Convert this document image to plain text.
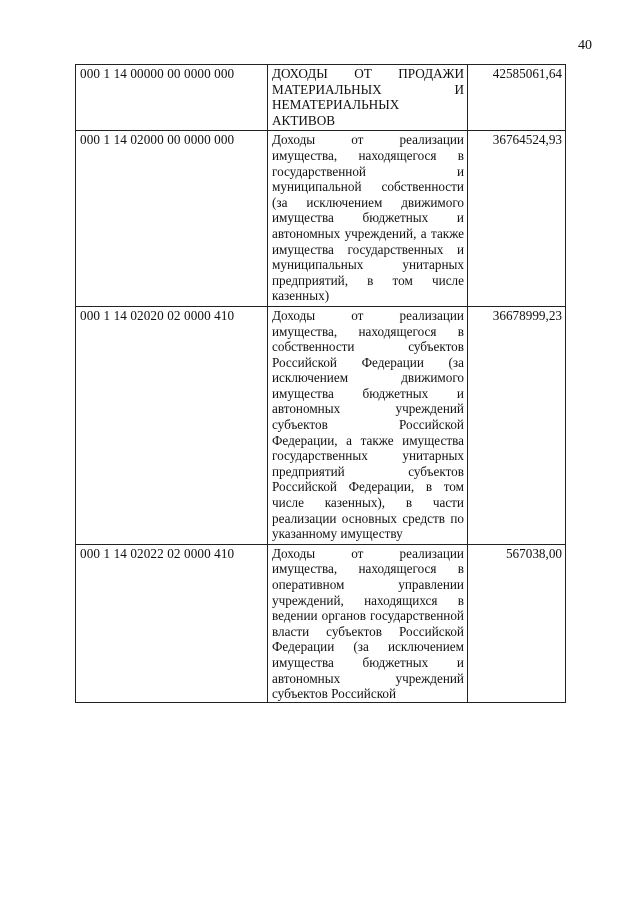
40
000 1 14 00000 00 0000 000	ДОХОДЫ ОТ ПРОДАЖИ МАТЕРИАЛЬНЫХ И НЕМАТЕРИАЛЬНЫХ АКТИВОВ	42585061,64
000 1 14 02000 00 0000 000	Доходы от реализации имущества, находящегося в государственной и муниципальной собственности (за исключением движимого имущества бюджетных и автономных учреждений, а также имущества государственных и муниципальных унитарных предприятий, в том числе казенных)	36764524,93
000 1 14 02020 02 0000 410	Доходы от реализации имущества, находящегося в собственности субъектов Российской Федерации (за исключением движимого имущества бюджетных и автономных учреждений субъектов Российской Федерации, а также имущества государственных унитарных предприятий субъектов Российской Федерации, в том числе казенных), в части реализации основных средств по указанному имуществу	36678999,23
000 1 14 02022 02 0000 410	Доходы от реализации имущества, находящегося в оперативном управлении учреждений, находящихся в ведении органов государственной власти субъектов Российской Федерации (за исключением имущества бюджетных и автономных учреждений субъектов Российской	567038,00
